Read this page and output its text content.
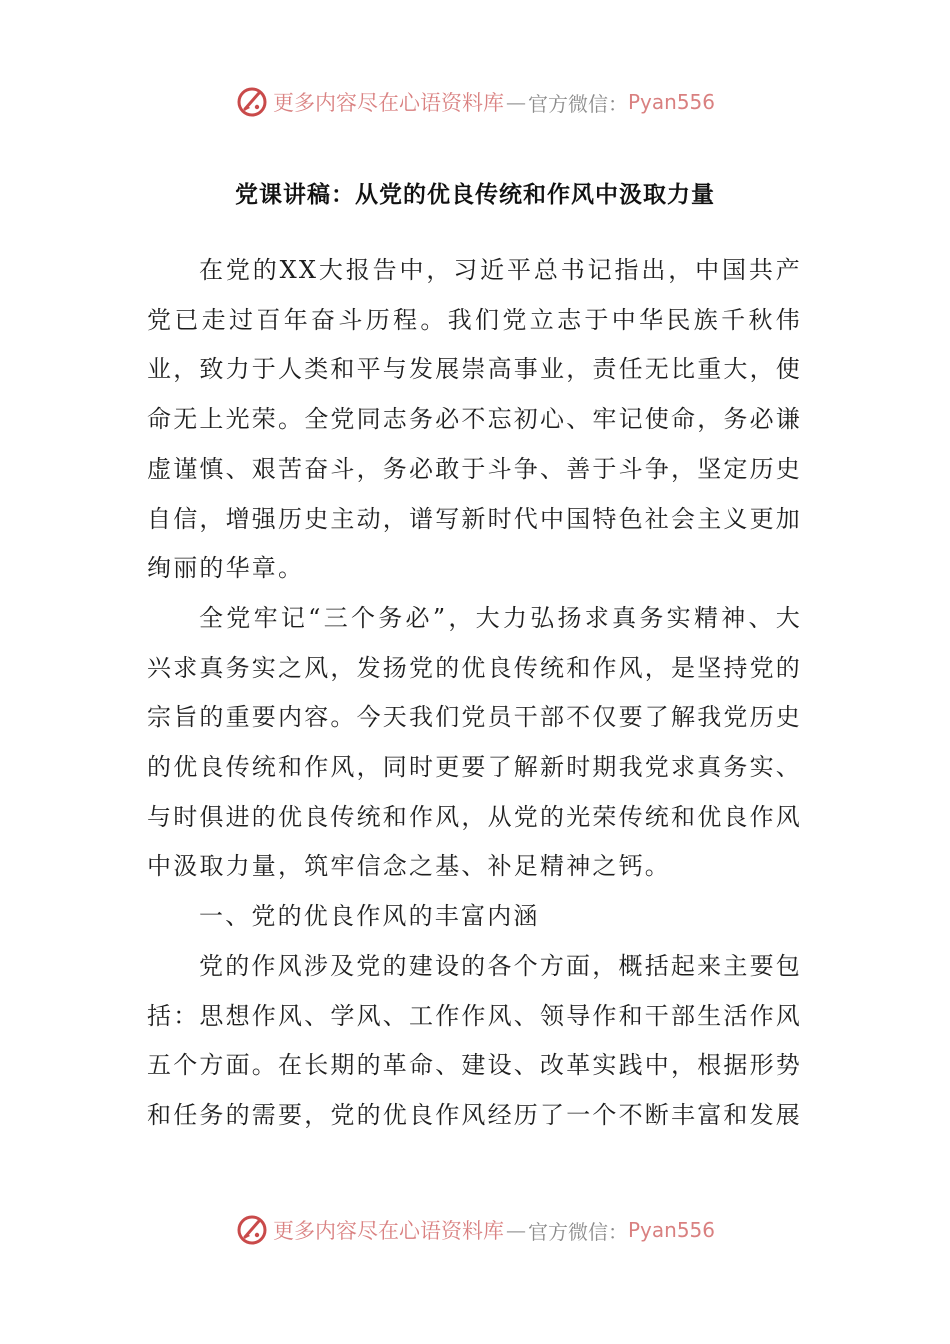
更多内容尽在心语资料库 — 官方微信： Pyan556
党课讲稿：从党的优良传统和作风中汲取力量

在党的XX大报告中，习近平总书记指出，中国共产党已走过百年奋斗历程。我们党立志于中华民族千秋伟业，致力于人类和平与发展崇高事业，责任无比重大，使命无上光荣。全党同志务必不忘初心、牢记使命，务必谦虚谨慎、艰苦奋斗，务必敢于斗争、善于斗争，坚定历史自信，增强历史主动，谱写新时代中国特色社会主义更加绚丽的华章。

全党牢记“三个务必”，大力弘扬求真务实精神、大兴求真务实之风，发扬党的优良传统和作风，是坚持党的宗旨的重要内容。今天我们党员干部不仅要了解我党历史的优良传统和作风，同时更要了解新时期我党求真务实、与时俱进的优良传统和作风，从党的光荣传统和优良作风中汲取力量，筑牢信念之基、补足精神之钙。

一、党的优良作风的丰富内涵

党的作风涉及党的建设的各个方面，概括起来主要包括：思想作风、学风、工作作风、领导作和干部生活作风五个方面。在长期的革命、建设、改革实践中，根据形势和任务的需要，党的优良作风经历了一个不断丰富和发展

更多内容尽在心语资料库 — 官方微信： Pyan556
